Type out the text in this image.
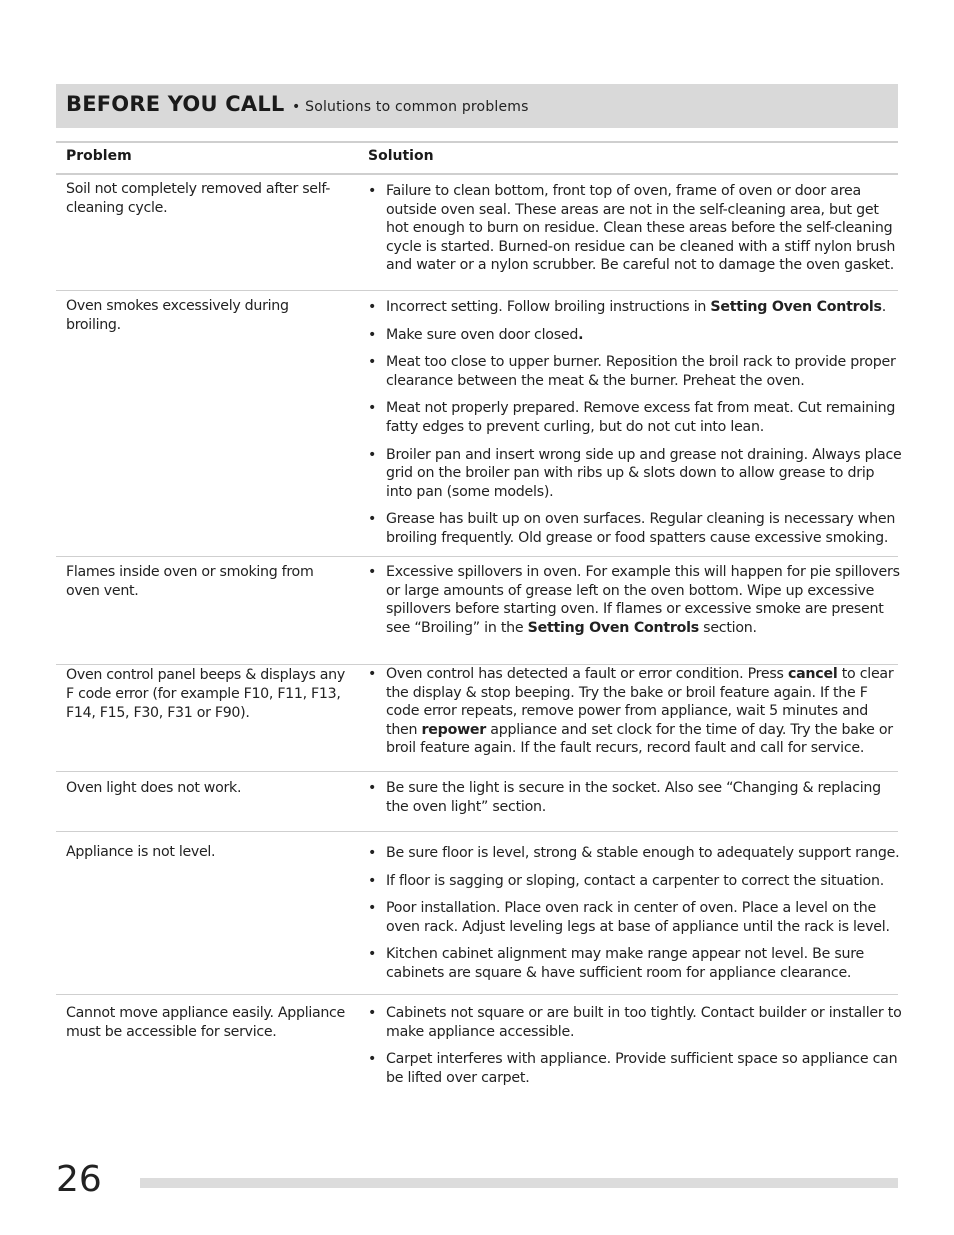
BEFORE YOU CALL • Solutions to common problems
Problem	Solution
Soil not completely removed after self-cleaning cycle.
• Failure to clean bottom, front top of oven, frame of oven or door area outside oven seal. These areas are not in the self-cleaning area, but get hot enough to burn on residue. Clean these areas before the self-cleaning cycle is started. Burned-on residue can be cleaned with a stiff nylon brush and water or a nylon scrubber. Be careful not to damage the oven gasket.
Oven smokes excessively during broiling.
• Incorrect setting. Follow broiling instructions in Setting Oven Controls.
• Make sure oven door closed.
• Meat too close to upper burner. Reposition the broil rack to provide proper clearance between the meat & the burner. Preheat the oven.
• Meat not properly prepared. Remove excess fat from meat. Cut remaining fatty edges to prevent curling, but do not cut into lean.
• Broiler pan and insert wrong side up and grease not draining. Always place grid on the broiler pan with ribs up & slots down to allow grease to drip into pan (some models).
• Grease has built up on oven surfaces. Regular cleaning is necessary when broiling frequently. Old grease or food spatters cause excessive smoking.
Flames inside oven or smoking from oven vent.
• Excessive spillovers in oven. For example this will happen for pie spillovers or large amounts of grease left on the oven bottom. Wipe up excessive spillovers before starting oven. If flames or excessive smoke are present see “Broiling” in the Setting Oven Controls section.
Oven control panel beeps & displays any F code error (for example F10, F11, F13, F14, F15, F30, F31 or F90).
• Oven control has detected a fault or error condition. Press cancel to clear the display & stop beeping. Try the bake or broil feature again. If the F code error repeats, remove power from appliance, wait 5 minutes and then repower appliance and set clock for the time of day. Try the bake or broil feature again. If the fault recurs, record fault and call for service.
Oven light does not work.	• Be sure the light is secure in the socket. Also see “Changing & replacing the oven light” section.
Appliance is not level.	• Be sure floor is level, strong & stable enough to adequately support range.
• If floor is sagging or sloping, contact a carpenter to correct the situation.
• Poor installation. Place oven rack in center of oven. Place a level on the oven rack. Adjust leveling legs at base of appliance until the rack is level.
• Kitchen cabinet alignment may make range appear not level. Be sure cabinets are square & have sufficient room for appliance clearance.
Cannot move appliance easily. Appliance must be accessible for service.
• Cabinets not square or are built in too tightly. Contact builder or installer to make appliance accessible.
• Carpet interferes with appliance. Provide sufficient space so appliance can be lifted over carpet.
26
